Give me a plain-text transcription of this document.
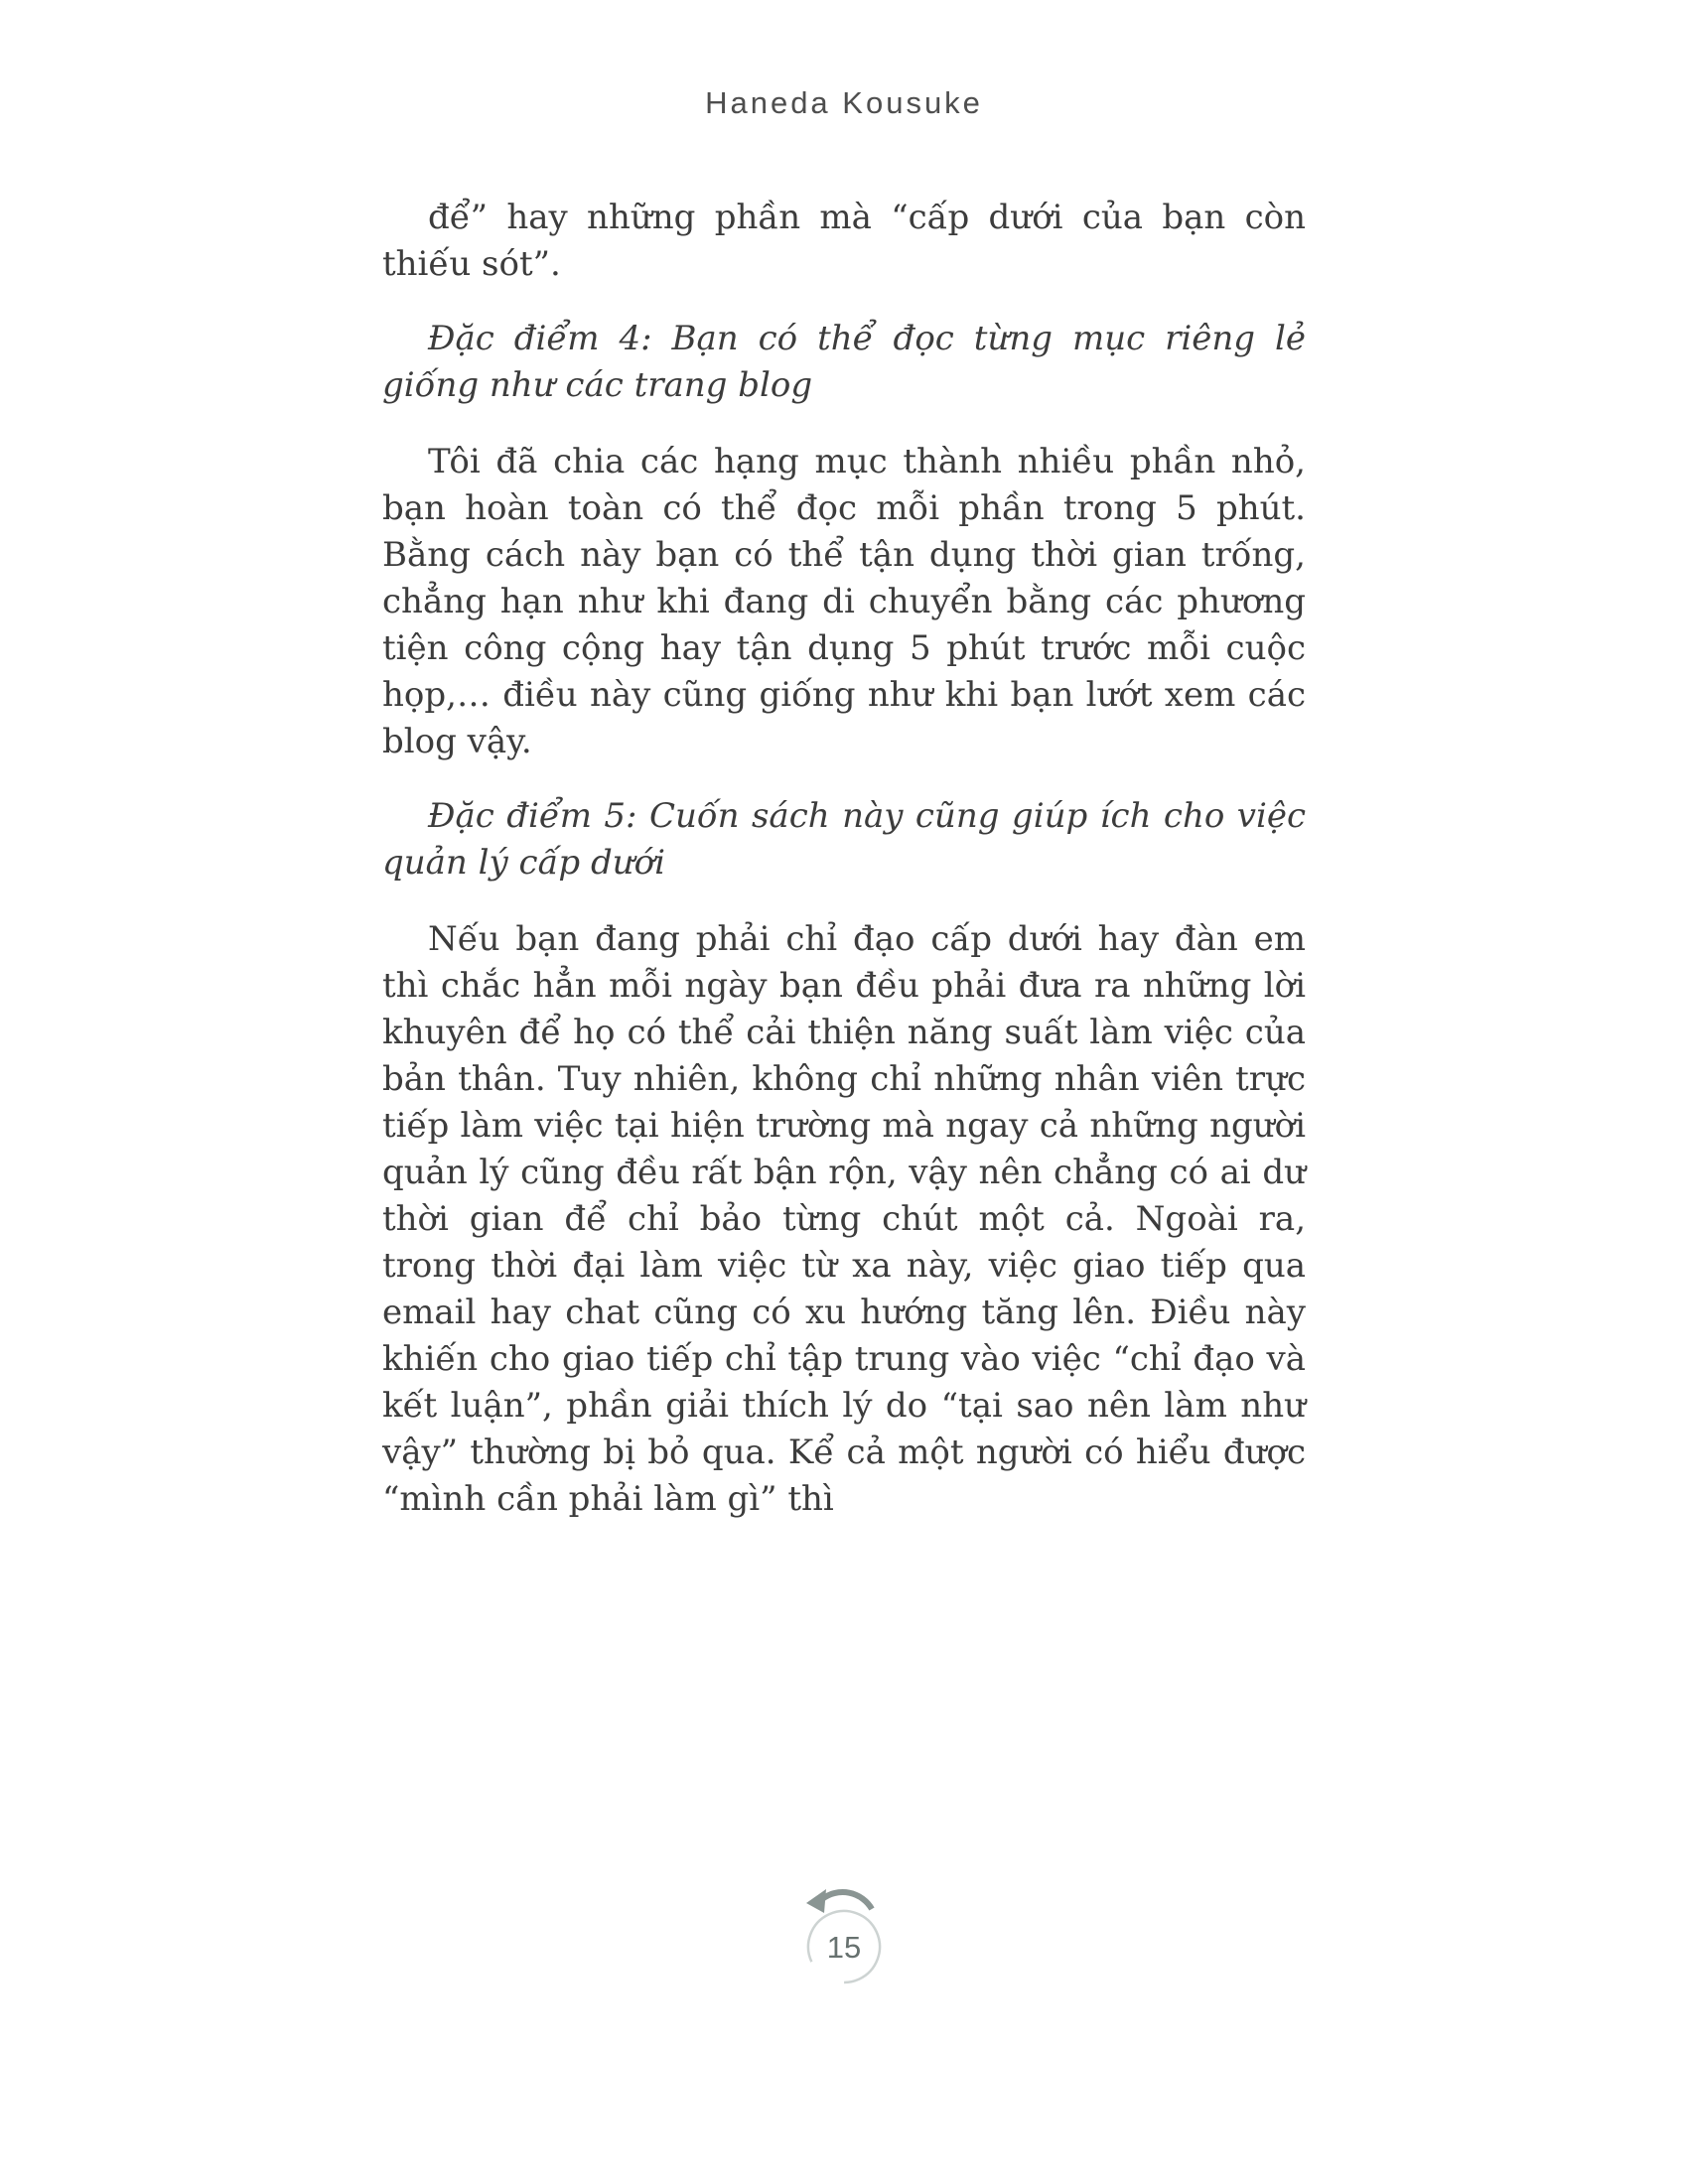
Haneda Kousuke

để” hay những phần mà “cấp dưới của bạn còn thiếu sót”.

Đặc điểm 4: Bạn có thể đọc từng mục riêng lẻ giống như các trang blog

Tôi đã chia các hạng mục thành nhiều phần nhỏ, bạn hoàn toàn có thể đọc mỗi phần trong 5 phút. Bằng cách này bạn có thể tận dụng thời gian trống, chẳng hạn như khi đang di chuyển bằng các phương tiện công cộng hay tận dụng 5 phút trước mỗi cuộc họp,… điều này cũng giống như khi bạn lướt xem các blog vậy.

Đặc điểm 5: Cuốn sách này cũng giúp ích cho việc quản lý cấp dưới

Nếu bạn đang phải chỉ đạo cấp dưới hay đàn em thì chắc hẳn mỗi ngày bạn đều phải đưa ra những lời khuyên để họ có thể cải thiện năng suất làm việc của bản thân. Tuy nhiên, không chỉ những nhân viên trực tiếp làm việc tại hiện trường mà ngay cả những người quản lý cũng đều rất bận rộn, vậy nên chẳng có ai dư thời gian để chỉ bảo từng chút một cả. Ngoài ra, trong thời đại làm việc từ xa này, việc giao tiếp qua email hay chat cũng có xu hướng tăng lên. Điều này khiến cho giao tiếp chỉ tập trung vào việc “chỉ đạo và kết luận”, phần giải thích lý do “tại sao nên làm như vậy” thường bị bỏ qua. Kể cả một người có hiểu được “mình cần phải làm gì” thì

15
